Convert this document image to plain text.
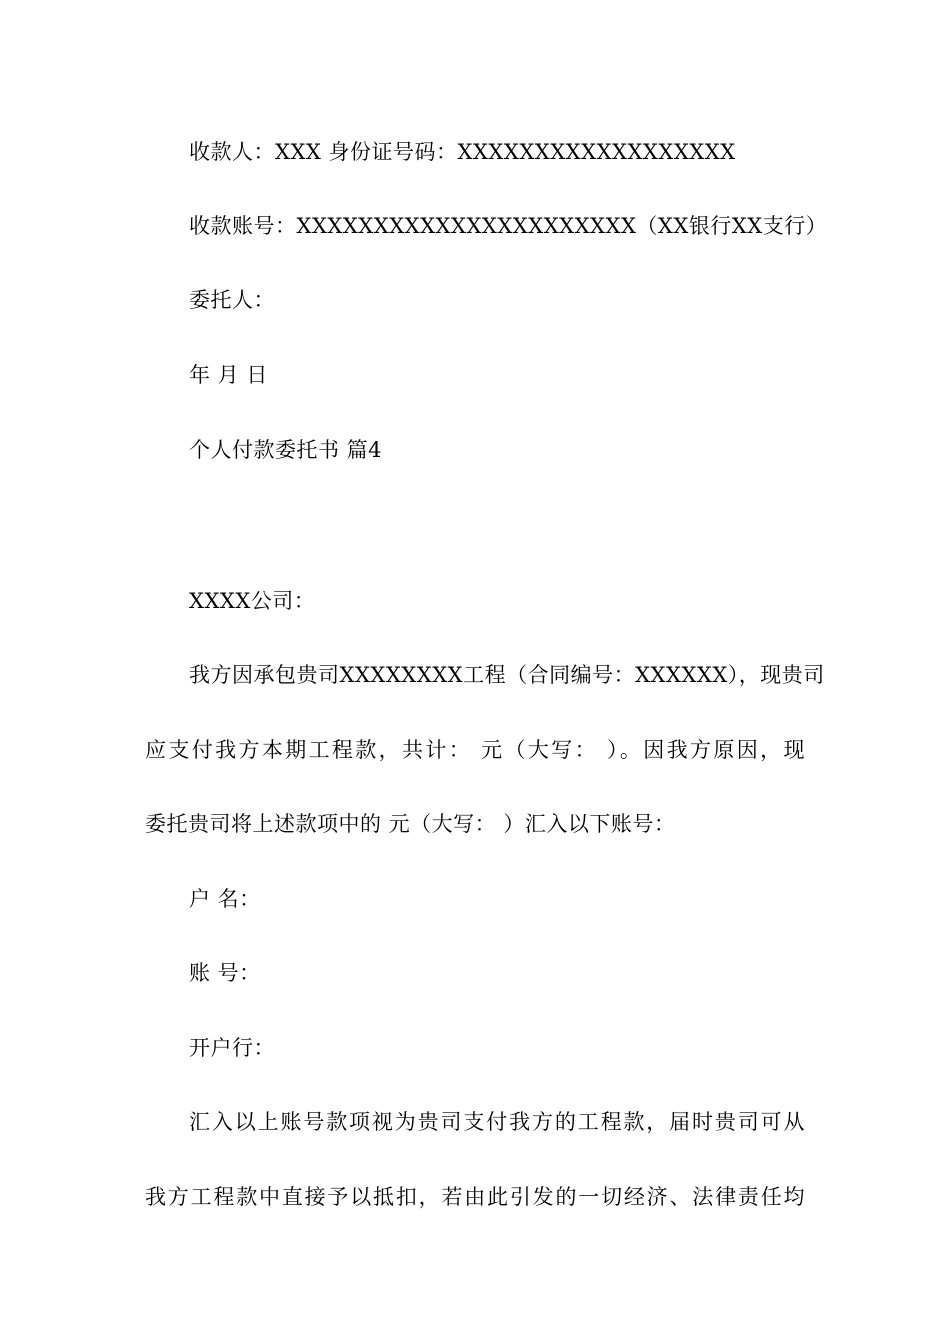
收款人：XXX 身份证号码：XXXXXXXXXXXXXXXXXX
收款账号：XXXXXXXXXXXXXXXXXXXXXX（XX银行XX支行）
委托人：
年 月 日
个人付款委托书 篇4
XXXX公司：
我方因承包贵司XXXXXXXX工程（合同编号：XXXXXX），现贵司
应支付我方本期工程款，共计： 元（大写： ）。因我方原因，现
委托贵司将上述款项中的 元（大写： ）汇入以下账号：
户 名：
账 号：
开户行：
汇入以上账号款项视为贵司支付我方的工程款，届时贵司可从
我方工程款中直接予以抵扣，若由此引发的一切经济、法律责任均
